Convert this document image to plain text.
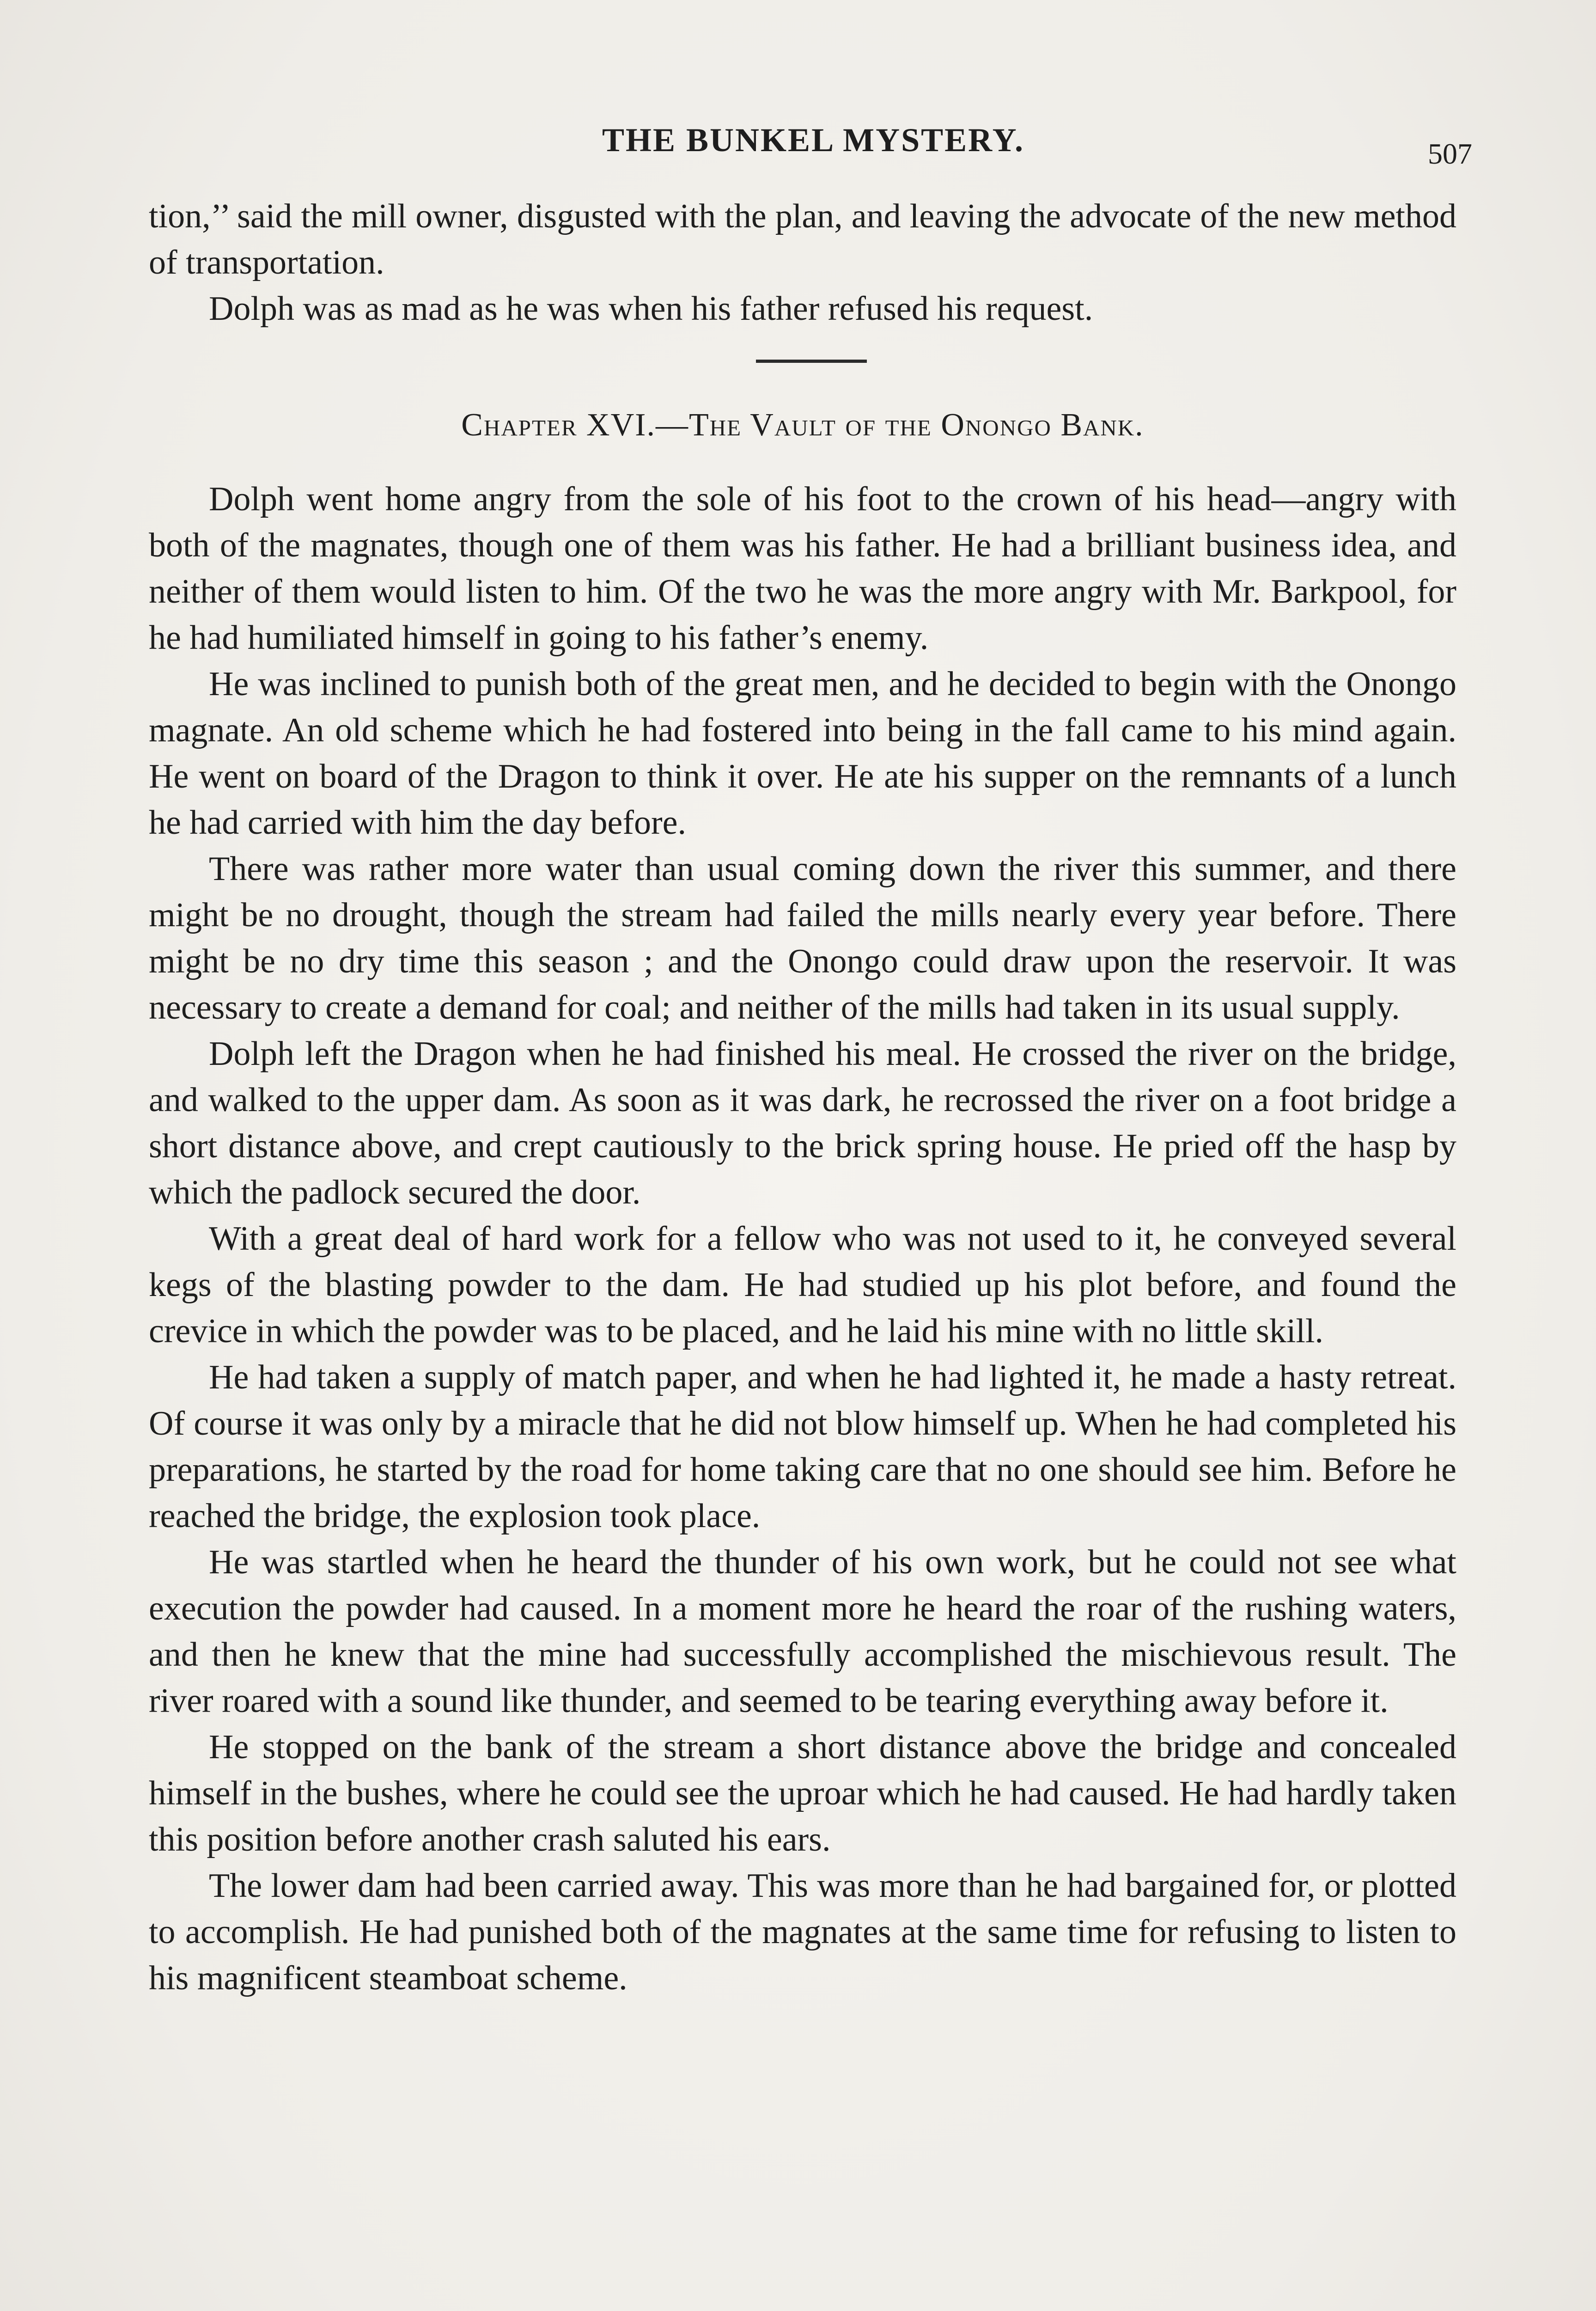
THE BUNKEL MYSTERY.	507

tion,’’ said the mill owner, disgusted with the plan, and leaving the advocate of the new method of transportation.

Dolph was as mad as he was when his father refused his request.

Chapter XVI.—The Vault of the Onongo Bank.

Dolph went home angry from the sole of his foot to the crown of his head—angry with both of the magnates, though one of them was his father. He had a brilliant business idea, and neither of them would listen to him. Of the two he was the more angry with Mr. Barkpool, for he had humiliated himself in going to his father’s enemy.

He was inclined to punish both of the great men, and he decided to begin with the Onongo magnate. An old scheme which he had fostered into being in the fall came to his mind again. He went on board of the Dragon to think it over. He ate his supper on the remnants of a lunch he had carried with him the day before.

There was rather more water than usual coming down the river this summer, and there might be no drought, though the stream had failed the mills nearly every year before. There might be no dry time this season ; and the Onongo could draw upon the reservoir. It was necessary to create a demand for coal; and neither of the mills had taken in its usual supply.

Dolph left the Dragon when he had finished his meal. He crossed the river on the bridge, and walked to the upper dam. As soon as it was dark, he recrossed the river on a foot bridge a short distance above, and crept cautiously to the brick spring house. He pried off the hasp by which the padlock secured the door.

With a great deal of hard work for a fellow who was not used to it, he conveyed several kegs of the blasting powder to the dam. He had studied up his plot before, and found the crevice in which the powder was to be placed, and he laid his mine with no little skill.

He had taken a supply of match paper, and when he had lighted it, he made a hasty retreat. Of course it was only by a miracle that he did not blow himself up. When he had completed his preparations, he started by the road for home taking care that no one should see him. Before he reached the bridge, the explosion took place.

He was startled when he heard the thunder of his own work, but he could not see what execution the powder had caused. In a moment more he heard the roar of the rushing waters, and then he knew that the mine had successfully accomplished the mischievous result. The river roared with a sound like thunder, and seemed to be tearing everything away before it.

He stopped on the bank of the stream a short distance above the bridge and concealed himself in the bushes, where he could see the uproar which he had caused. He had hardly taken this position before another crash saluted his ears.

The lower dam had been carried away. This was more than he had bargained for, or plotted to accomplish. He had punished both of the magnates at the same time for refusing to listen to his magnificent steamboat scheme.
